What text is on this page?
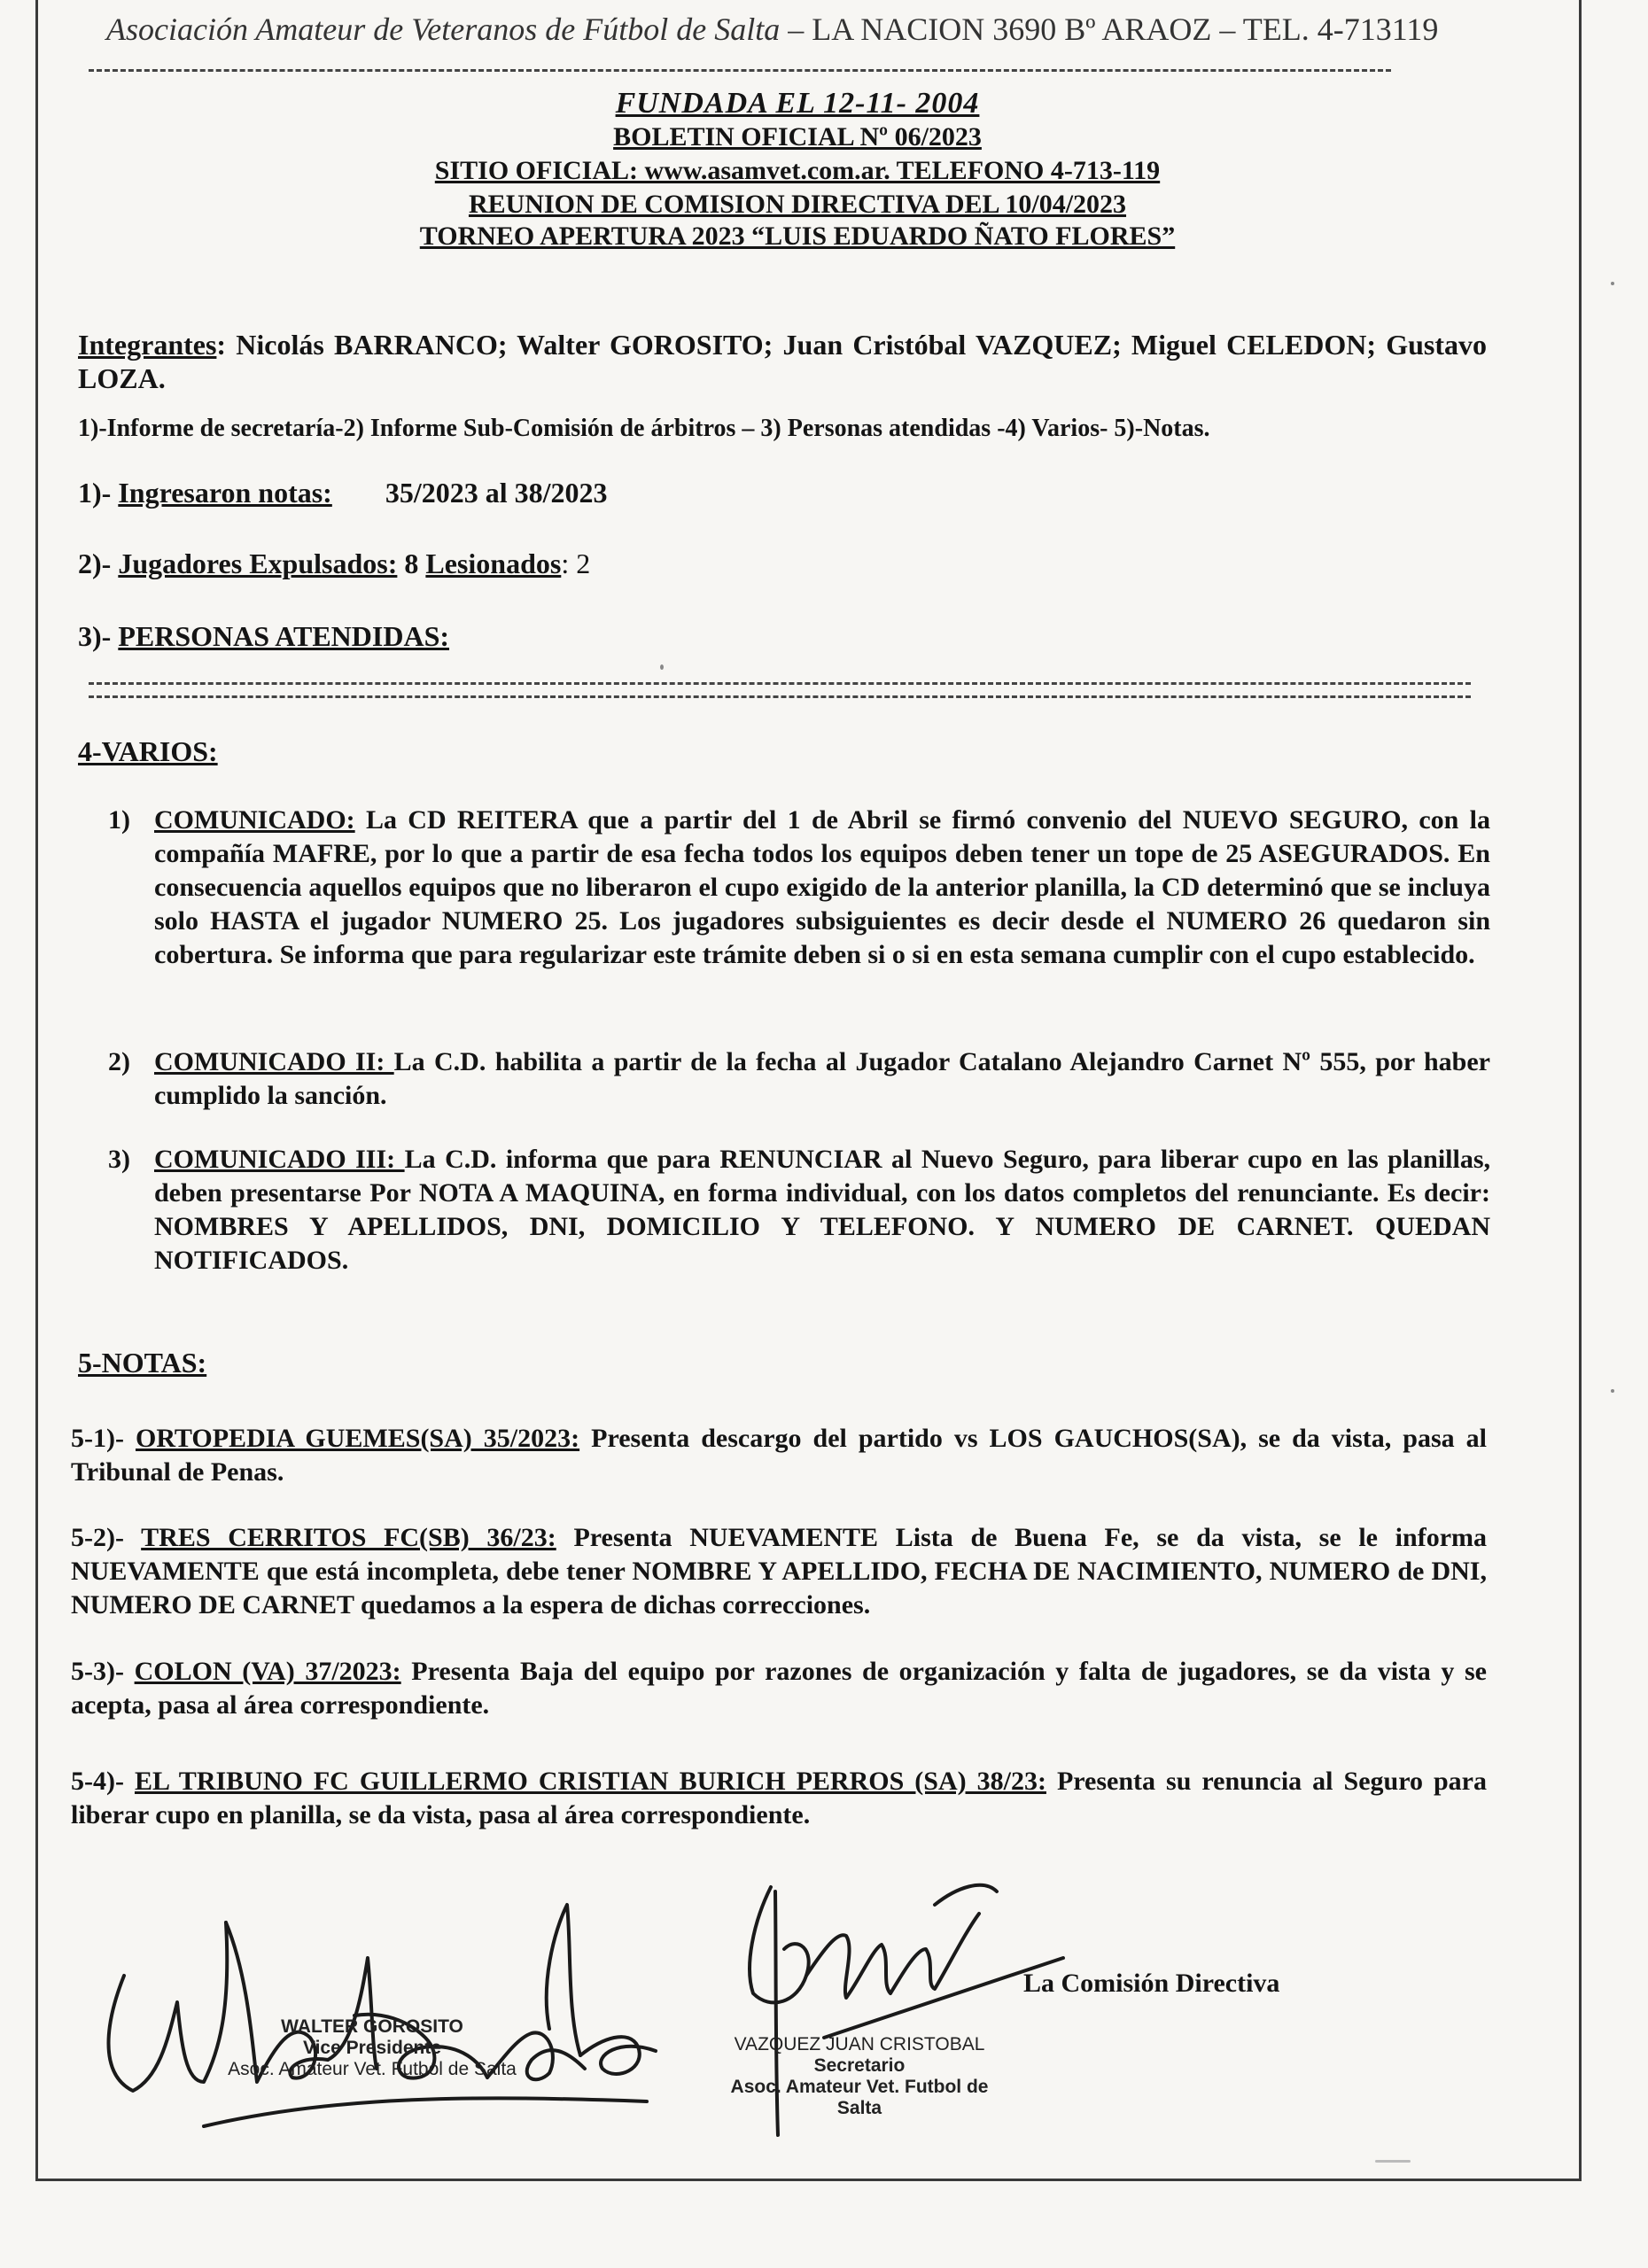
Asociación Amateur de Veteranos de Fútbol de Salta – LA NACION 3690 Bº ARAOZ – TEL. 4-713119
FUNDADA EL 12-11- 2004
BOLETIN OFICIAL Nº 06/2023
SITIO OFICIAL: www.asamvet.com.ar. TELEFONO 4-713-119
REUNION DE COMISION DIRECTIVA DEL 10/04/2023
TORNEO APERTURA 2023 “LUIS EDUARDO ÑATO FLORES”
Integrantes: Nicolás BARRANCO; Walter GOROSITO; Juan Cristóbal VAZQUEZ; Miguel CELEDON; Gustavo LOZA.
1)-Informe de secretaría-2) Informe Sub-Comisión de árbitros – 3) Personas atendidas -4) Varios- 5)-Notas.
1)- Ingresaron notas: 35/2023 al 38/2023
2)- Jugadores Expulsados: 8 Lesionados: 2
3)- PERSONAS ATENDIDAS:
4-VARIOS:
1) COMUNICADO: La CD REITERA que a partir del 1 de Abril se firmó convenio del NUEVO SEGURO, con la compañía MAFRE, por lo que a partir de esa fecha todos los equipos deben tener un tope de 25 ASEGURADOS. En consecuencia aquellos equipos que no liberaron el cupo exigido de la anterior planilla, la CD determinó que se incluya solo HASTA el jugador NUMERO 25. Los jugadores subsiguientes es decir desde el NUMERO 26 quedaron sin cobertura. Se informa que para regularizar este trámite deben si o si en esta semana cumplir con el cupo establecido.
2) COMUNICADO II: La C.D. habilita a partir de la fecha al Jugador Catalano Alejandro Carnet Nº 555, por haber cumplido la sanción.
3) COMUNICADO III: La C.D. informa que para RENUNCIAR al Nuevo Seguro, para liberar cupo en las planillas, deben presentarse Por NOTA A MAQUINA, en forma individual, con los datos completos del renunciante. Es decir: NOMBRES Y APELLIDOS, DNI, DOMICILIO Y TELEFONO. Y NUMERO DE CARNET. QUEDAN NOTIFICADOS.
5-NOTAS:
5-1)- ORTOPEDIA GUEMES(SA) 35/2023: Presenta descargo del partido vs LOS GAUCHOS(SA), se da vista, pasa al Tribunal de Penas.
5-2)- TRES CERRITOS FC(SB) 36/23: Presenta NUEVAMENTE Lista de Buena Fe, se da vista, se le informa NUEVAMENTE que está incompleta, debe tener NOMBRE Y APELLIDO, FECHA DE NACIMIENTO, NUMERO de DNI, NUMERO DE CARNET quedamos a la espera de dichas correcciones.
5-3)- COLON (VA) 37/2023: Presenta Baja del equipo por razones de organización y falta de jugadores, se da vista y se acepta, pasa al área correspondiente.
5-4)- EL TRIBUNO FC GUILLERMO CRISTIAN BURICH PERROS (SA) 38/23: Presenta su renuncia al Seguro para liberar cupo en planilla, se da vista, pasa al área correspondiente.
WALTER GOROSITO
Vice Presidente
Asoc. Amateur Vet. Futbol de Salta
VAZQUEZ JUAN CRISTOBAL
Secretario
Asoc. Amateur Vet. Futbol de Salta
La Comisión Directiva
